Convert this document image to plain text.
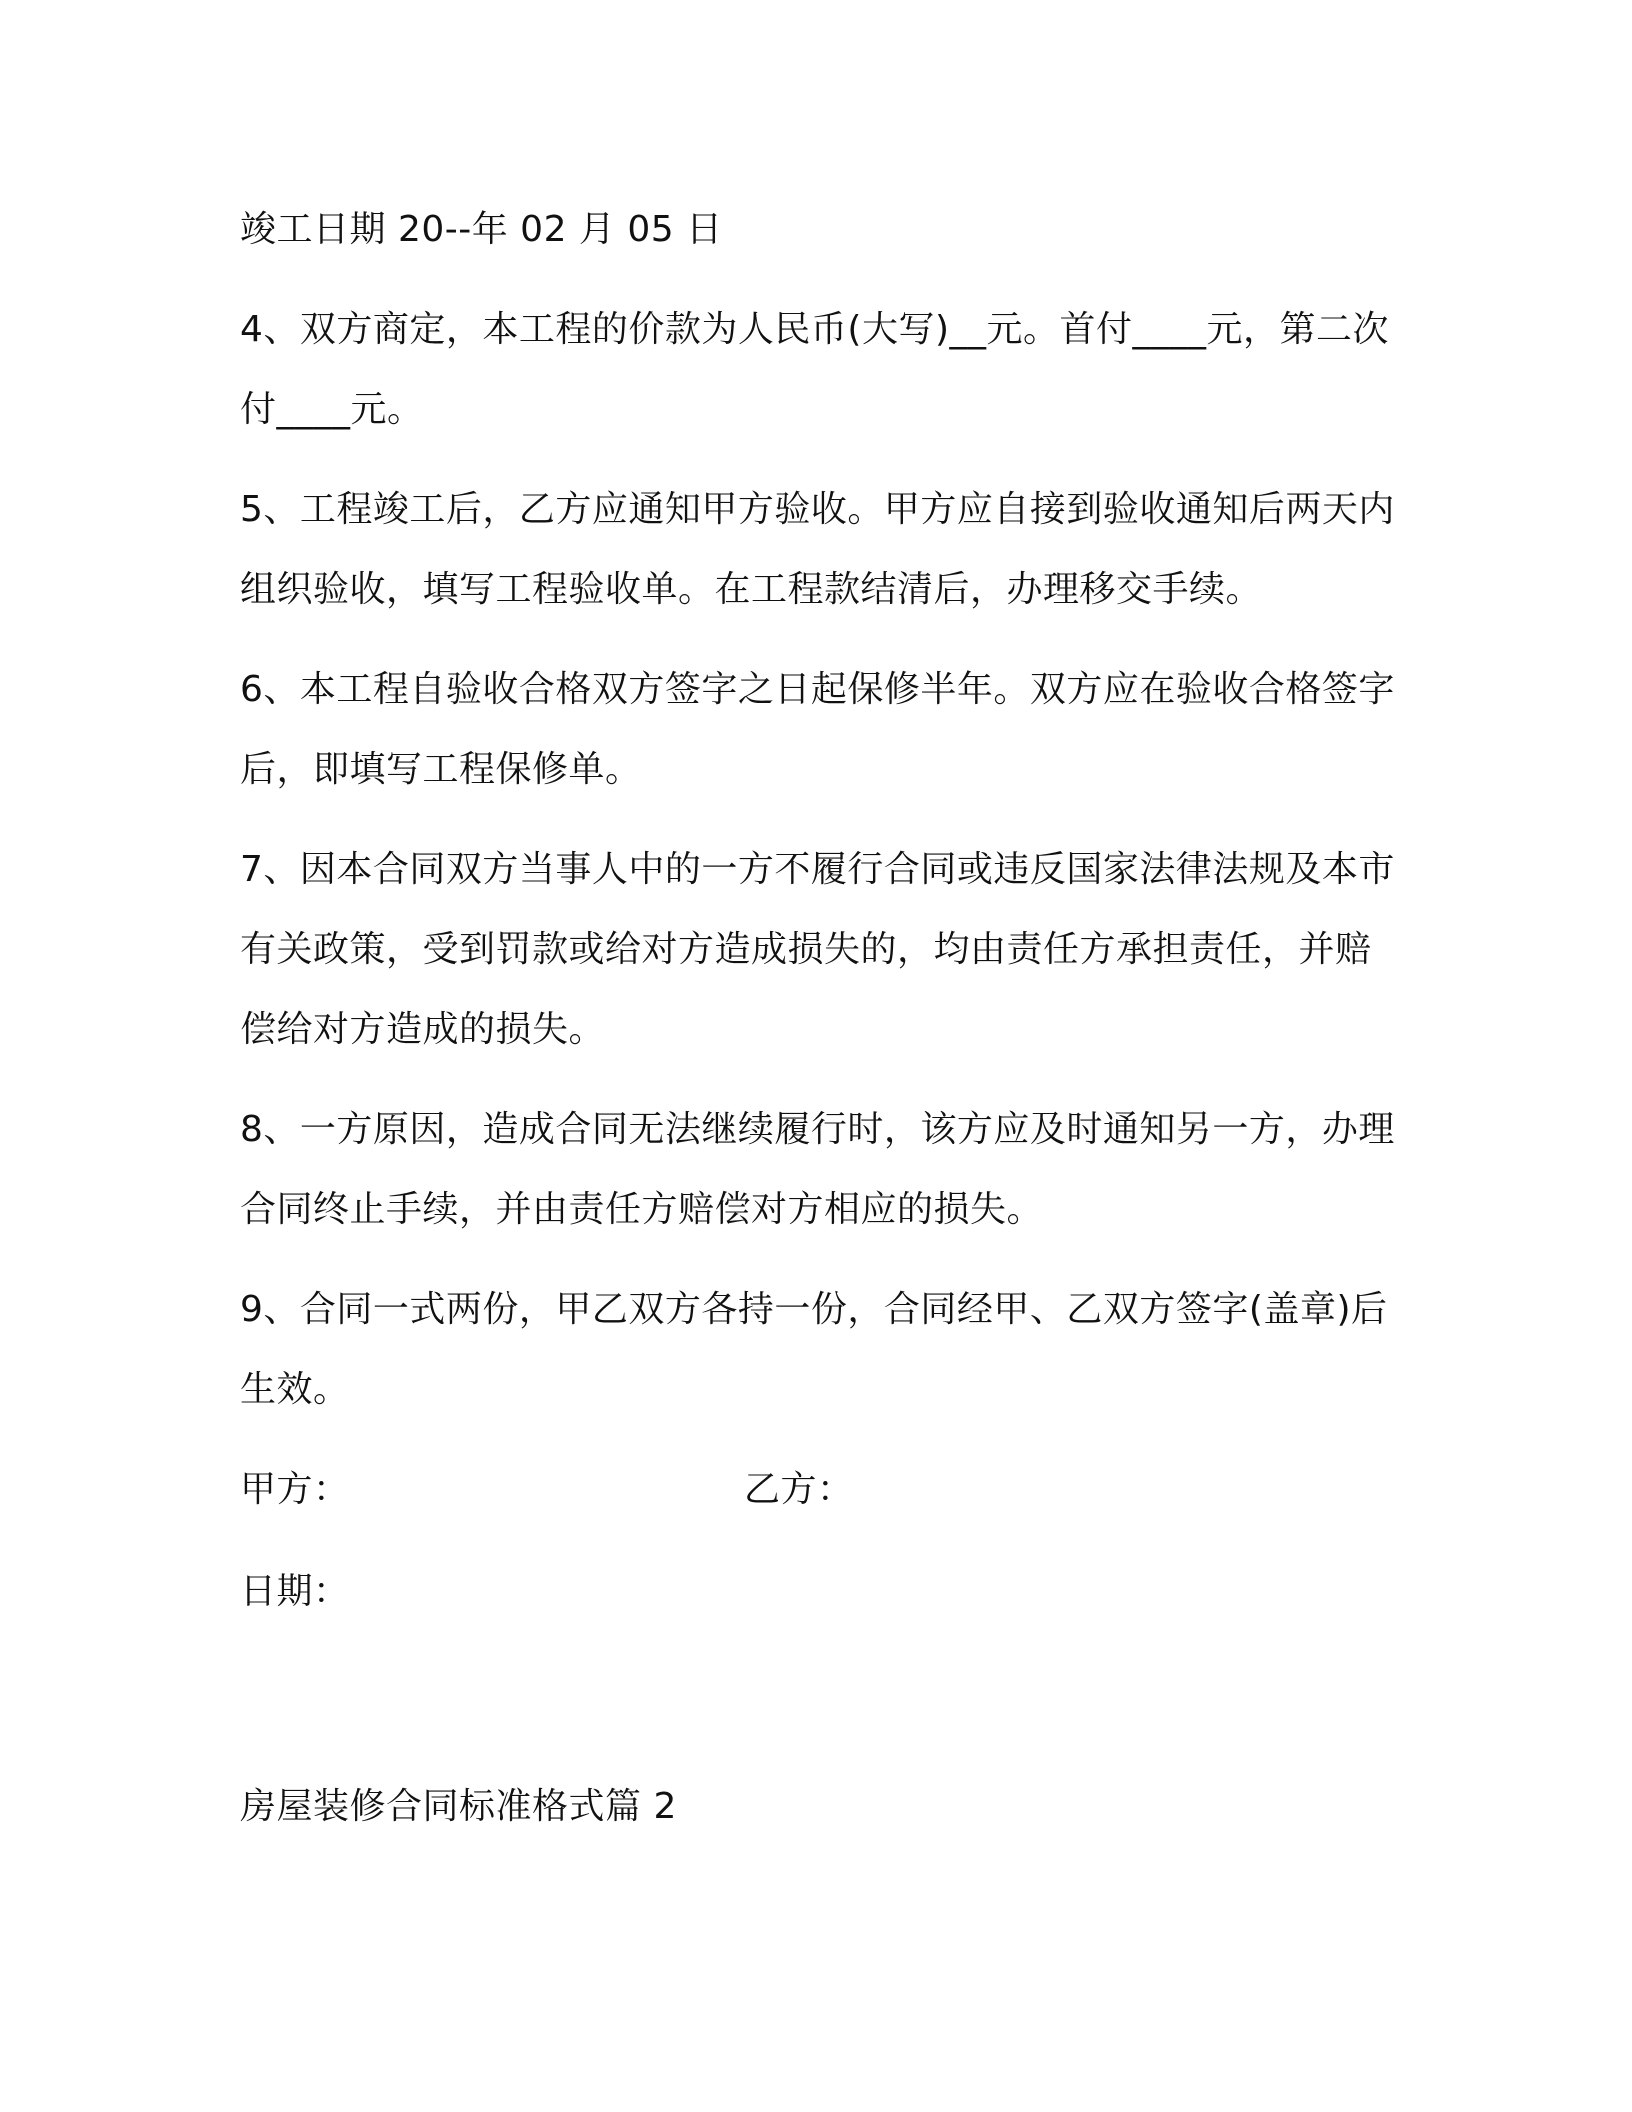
竣工日期 20--年 02 月 05 日

4、双方商定，本工程的价款为人民币(大写)__元。首付____元，第二次付____元。

5、工程竣工后，乙方应通知甲方验收。甲方应自接到验收通知后两天内组织验收，填写工程验收单。在工程款结清后，办理移交手续。

6、本工程自验收合格双方签字之日起保修半年。双方应在验收合格签字后，即填写工程保修单。

7、因本合同双方当事人中的一方不履行合同或违反国家法律法规及本市有关政策，受到罚款或给对方造成损失的，均由责任方承担责任，并赔偿给对方造成的损失。

8、一方原因，造成合同无法继续履行时，该方应及时通知另一方，办理合同终止手续，并由责任方赔偿对方相应的损失。

9、合同一式两份，甲乙双方各持一份，合同经甲、乙双方签字(盖章)后生效。

甲方：	乙方：
日期：

房屋装修合同标准格式篇 2
